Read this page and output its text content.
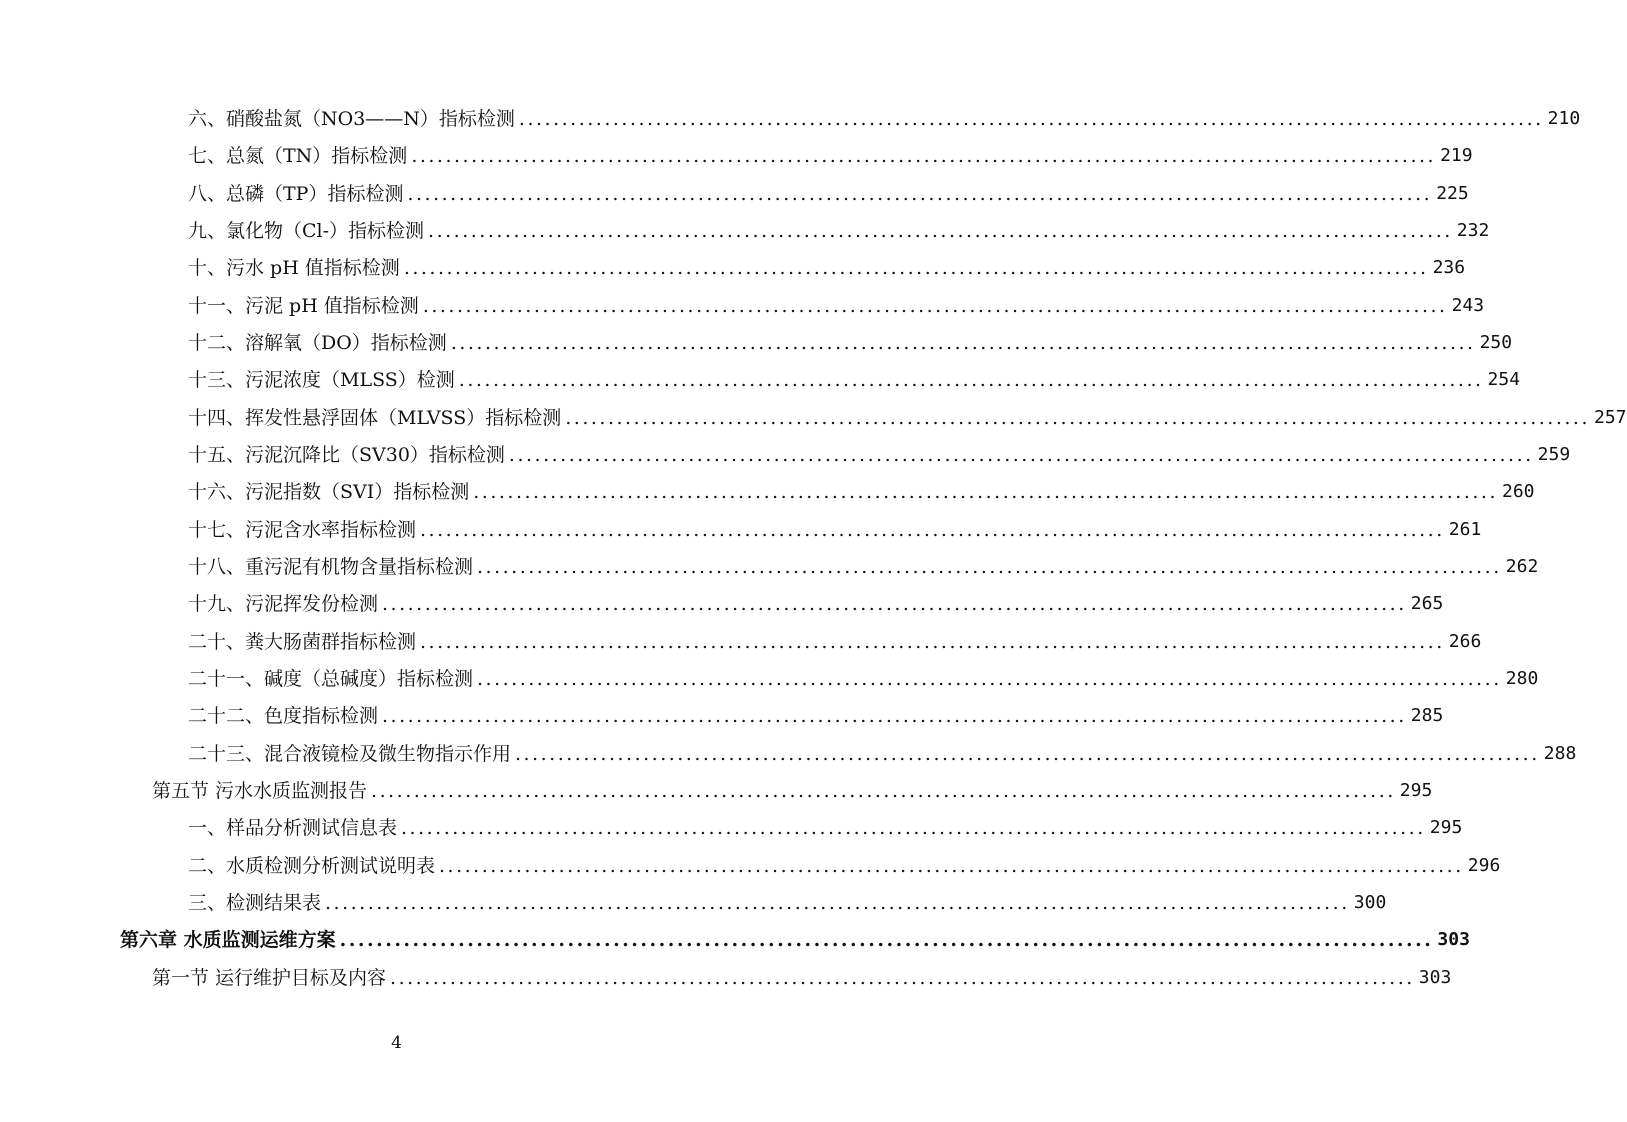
六、硝酸盐氮（NO3——N）指标检测 ........................................................................................................................ 210
七、总氮（TN）指标检测 ........................................................................................................................ 219
八、总磷（TP）指标检测 ........................................................................................................................ 225
九、氯化物（Cl-）指标检测 ........................................................................................................................ 232
十、污水 pH 值指标检测 ........................................................................................................................ 236
十一、污泥 pH 值指标检测 ........................................................................................................................ 243
十二、溶解氧（DO）指标检测 ........................................................................................................................ 250
十三、污泥浓度（MLSS）检测 ........................................................................................................................ 254
十四、挥发性悬浮固体（MLVSS）指标检测 ........................................................................................................................ 257
十五、污泥沉降比（SV30）指标检测 ........................................................................................................................ 259
十六、污泥指数（SVI）指标检测 ........................................................................................................................ 260
十七、污泥含水率指标检测 ........................................................................................................................ 261
十八、重污泥有机物含量指标检测 ........................................................................................................................ 262
十九、污泥挥发份检测 ........................................................................................................................ 265
二十、粪大肠菌群指标检测 ........................................................................................................................ 266
二十一、碱度（总碱度）指标检测 ........................................................................................................................ 280
二十二、色度指标检测 ........................................................................................................................ 285
二十三、混合液镜检及微生物指示作用 ........................................................................................................................ 288
第五节 污水水质监测报告 ........................................................................................................................ 295
一、样品分析测试信息表 ........................................................................................................................ 295
二、水质检测分析测试说明表 ........................................................................................................................ 296
三、检测结果表 ........................................................................................................................ 300
第六章 水质监测运维方案 ........................................................................................................................ 303
第一节 运行维护目标及内容 ........................................................................................................................ 303
4
